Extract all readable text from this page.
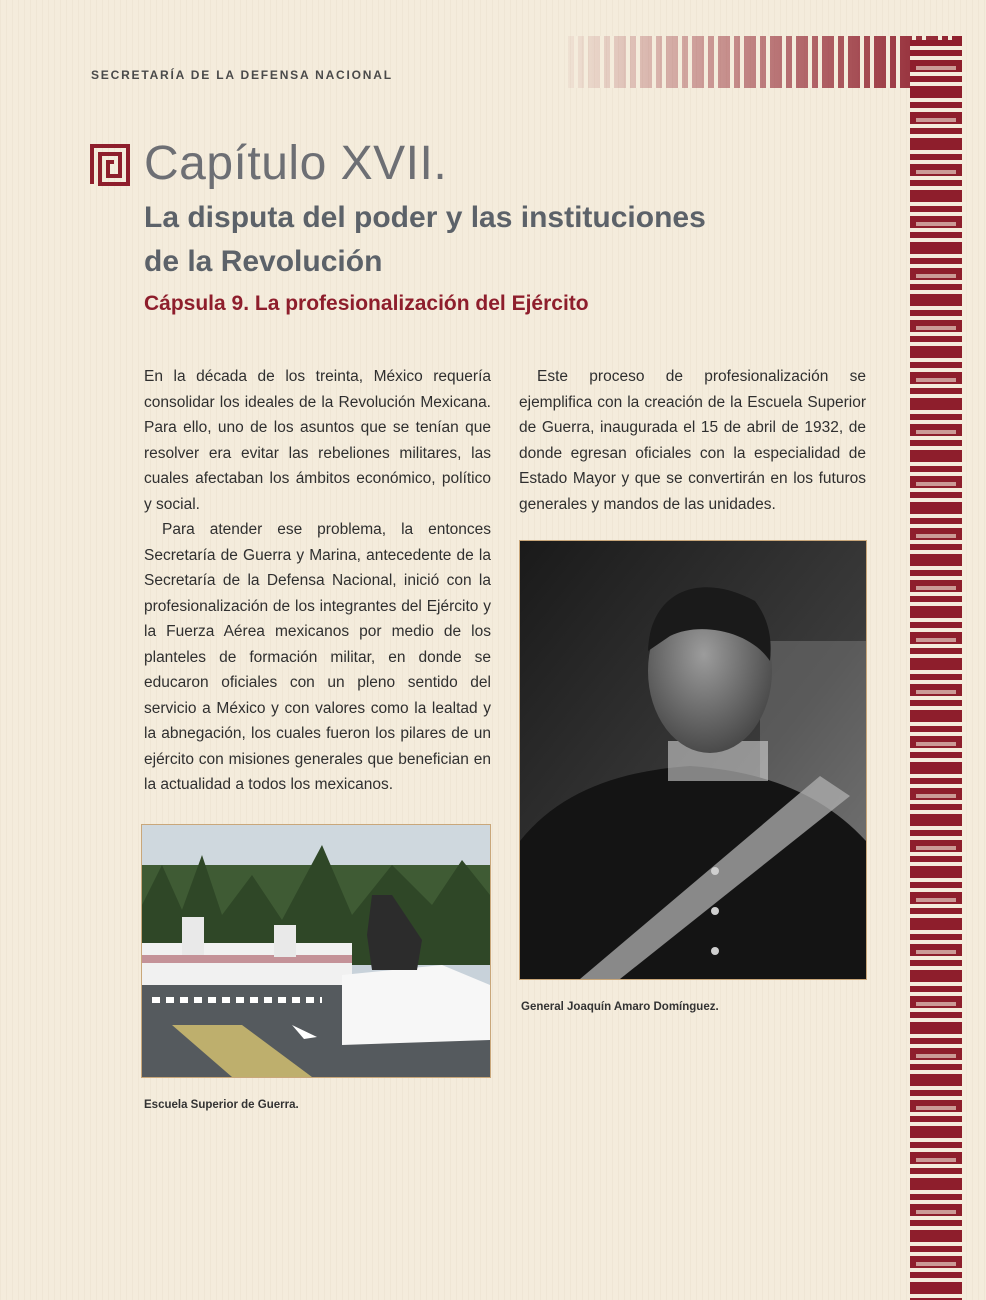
SECRETARÍA DE LA DEFENSA NACIONAL
Capítulo XVII.
La disputa del poder y las instituciones
de la Revolución
Cápsula 9. La profesionalización del Ejército

En la década de los treinta, México requería consolidar los ideales de la Revolución Mexicana. Para ello, uno de los asuntos que se tenían que resolver era evitar las rebeliones militares, las cuales afectaban los ámbitos económico, político y social.

Para atender ese problema, la entonces Secretaría de Guerra y Marina, antecedente de la Secretaría de la Defensa Nacional, inició con la profesionalización de los integrantes del Ejército y la Fuerza Aérea mexicanos por medio de los planteles de formación militar, en donde se educaron oficiales con un pleno sentido del servicio a México y con valores como la lealtad y la abnegación, los cuales fueron los pilares de un ejército con misiones generales que benefician en la actualidad a todos los mexicanos.

Este proceso de profesionalización se ejemplifica con la creación de la Escuela Superior de Guerra, inaugurada el 15 de abril de 1932, de donde egresan oficiales con la especialidad de Estado Mayor y que se convertirán en los futuros generales y mandos de las unidades.

General Joaquín Amaro Domínguez.
Escuela Superior de Guerra.
